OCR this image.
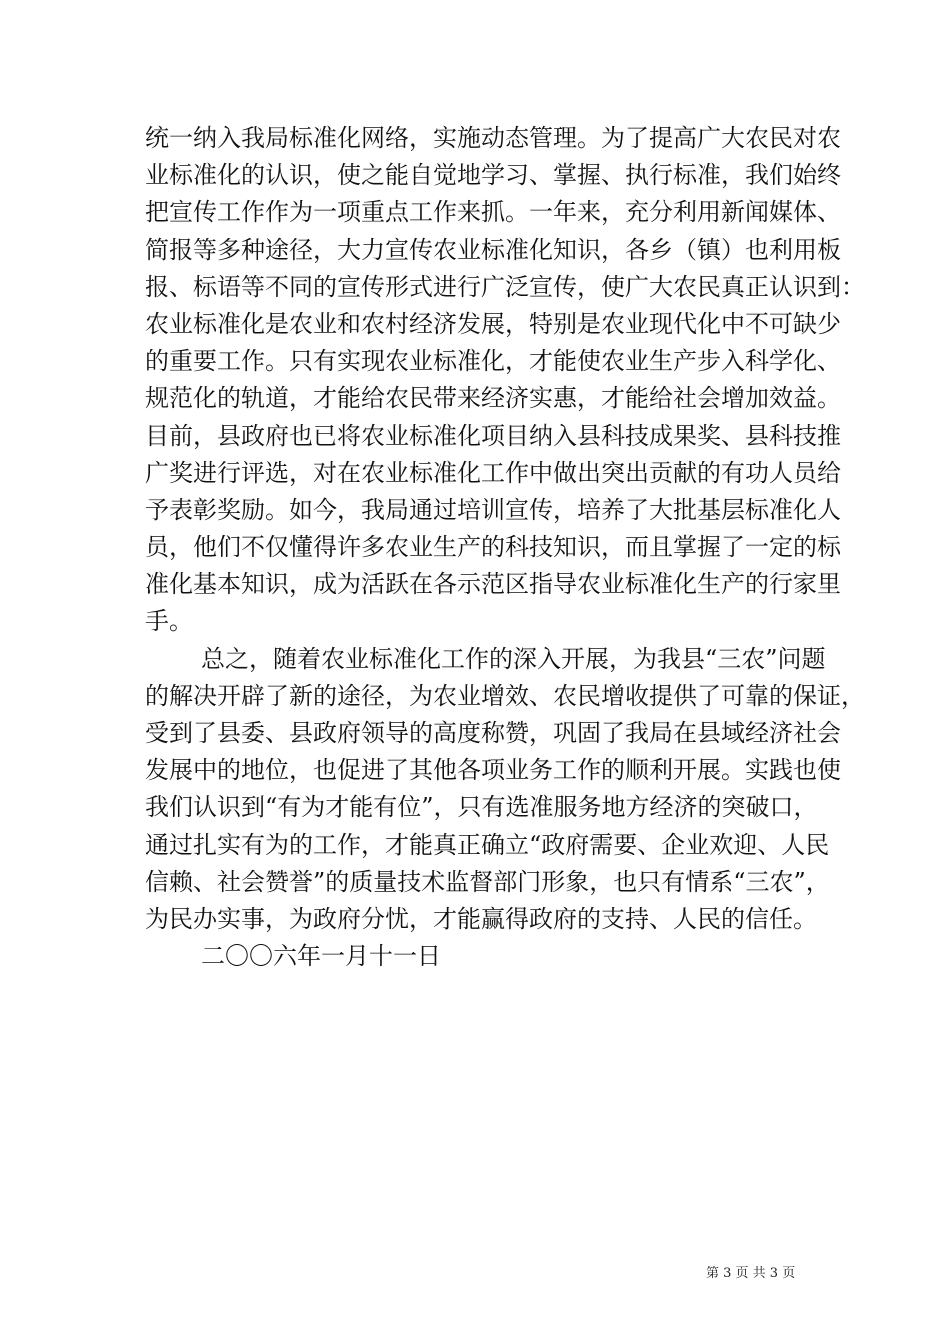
统一纳入我局标准化网络，实施动态管理。为了提高广大农民对农
业标准化的认识，使之能自觉地学习、掌握、执行标准，我们始终
把宣传工作作为一项重点工作来抓。一年来，充分利用新闻媒体、
简报等多种途径，大力宣传农业标准化知识，各乡（镇）也利用板
报、标语等不同的宣传形式进行广泛宣传，使广大农民真正认识到：
农业标准化是农业和农村经济发展，特别是农业现代化中不可缺少
的重要工作。只有实现农业标准化，才能使农业生产步入科学化、
规范化的轨道，才能给农民带来经济实惠，才能给社会增加效益。
目前，县政府也已将农业标准化项目纳入县科技成果奖、县科技推
广奖进行评选，对在农业标准化工作中做出突出贡献的有功人员给
予表彰奖励。如今，我局通过培训宣传，培养了大批基层标准化人
员，他们不仅懂得许多农业生产的科技知识，而且掌握了一定的标
准化基本知识，成为活跃在各示范区指导农业标准化生产的行家里
手。
总之，随着农业标准化工作的深入开展，为我县“三农”问题
的解决开辟了新的途径，为农业增效、农民增收提供了可靠的保证，
受到了县委、县政府领导的高度称赞，巩固了我局在县域经济社会
发展中的地位，也促进了其他各项业务工作的顺利开展。实践也使
我们认识到“有为才能有位”，只有选准服务地方经济的突破口，
通过扎实有为的工作，才能真正确立“政府需要、企业欢迎、人民
信赖、社会赞誉”的质量技术监督部门形象，也只有情系“三农”，
为民办实事，为政府分忧，才能赢得政府的支持、人民的信任。
二〇〇六年一月十一日
第 3 页 共 3 页
